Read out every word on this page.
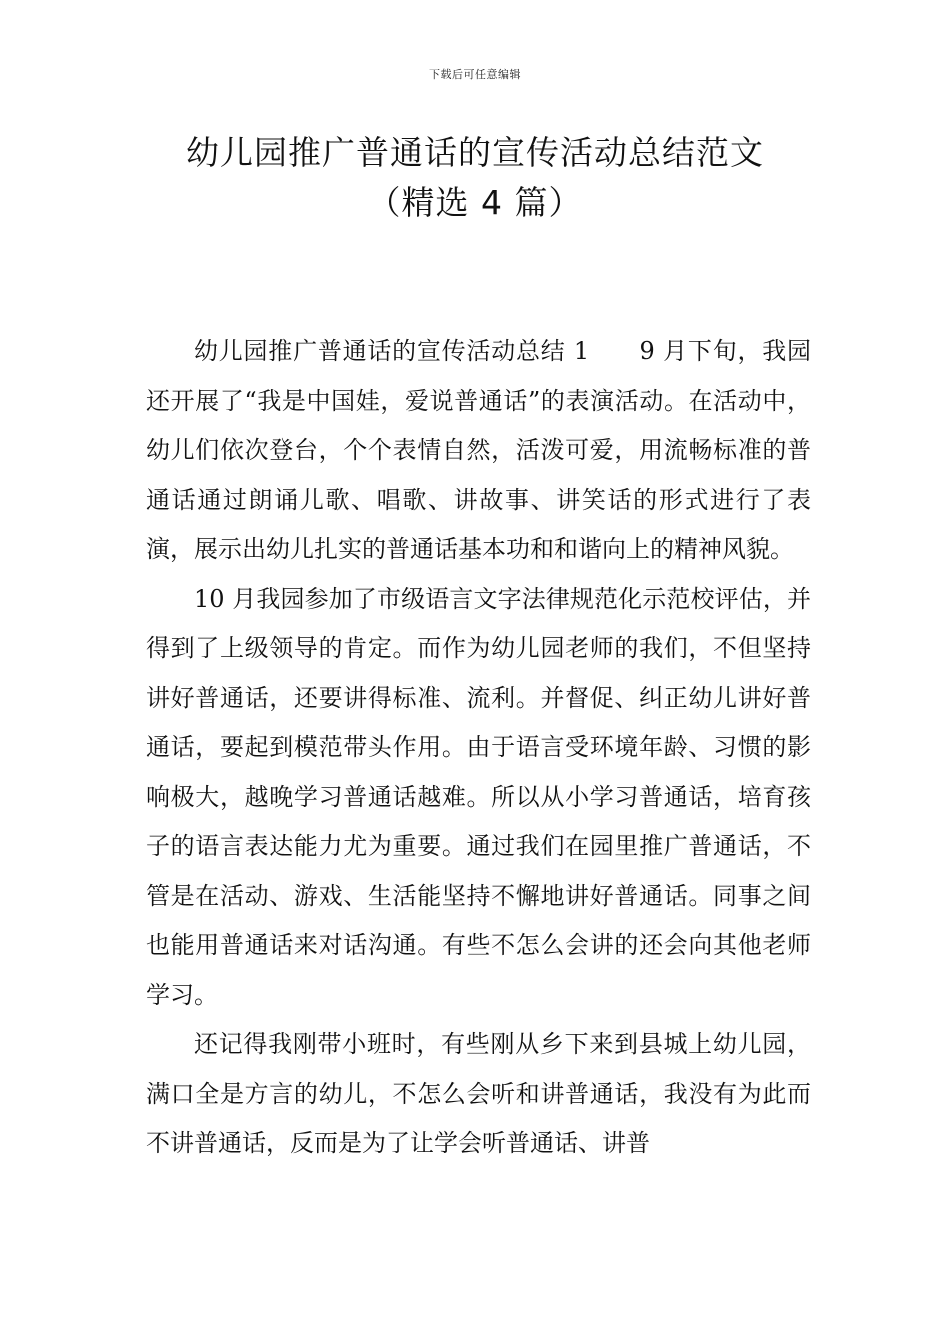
下载后可任意编辑
幼儿园推广普通话的宣传活动总结范文
（精选 4 篇）

幼儿园推广普通话的宣传活动总结 1　　9 月下旬，我园还开展了“我是中国娃，爱说普通话”的表演活动。在活动中，幼儿们依次登台，个个表情自然，活泼可爱，用流畅标准的普通话通过朗诵儿歌、唱歌、讲故事、讲笑话的形式进行了表演，展示出幼儿扎实的普通话基本功和和谐向上的精神风貌。

10 月我园参加了市级语言文字法律规范化示范校评估，并得到了上级领导的肯定。而作为幼儿园老师的我们，不但坚持讲好普通话，还要讲得标准、流利。并督促、纠正幼儿讲好普通话，要起到模范带头作用。由于语言受环境年龄、习惯的影响极大，越晚学习普通话越难。所以从小学习普通话，培育孩子的语言表达能力尤为重要。通过我们在园里推广普通话，不管是在活动、游戏、生活能坚持不懈地讲好普通话。同事之间也能用普通话来对话沟通。有些不怎么会讲的还会向其他老师学习。

还记得我刚带小班时，有些刚从乡下来到县城上幼儿园，满口全是方言的幼儿，不怎么会听和讲普通话，我没有为此而不讲普通话，反而是为了让学会听普通话、讲普
